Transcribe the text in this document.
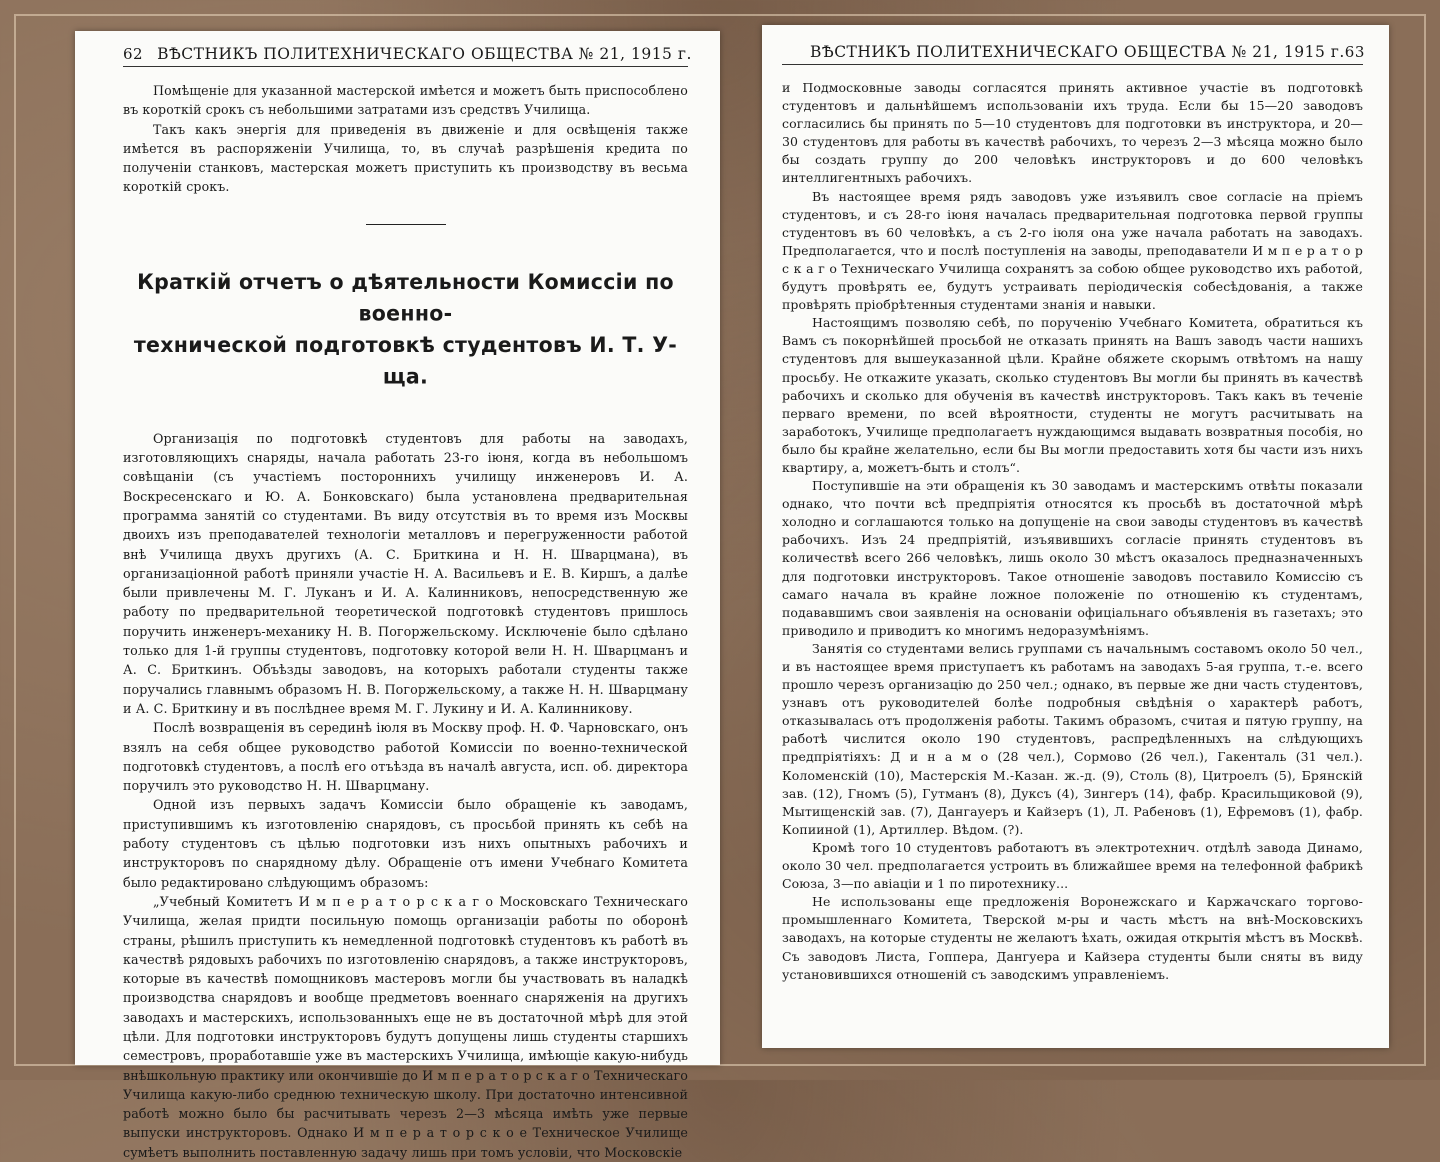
62 ВѢСТНИКЪ ПОЛИТЕХНИЧЕСКАГО ОБЩЕСТВА № 21, 1915 г.

Помѣщеніе для указанной мастерской имѣется и можетъ быть приспособлено въ короткій срокъ съ небольшими затратами изъ средствъ Училища.

Такъ какъ энергія для приведенія въ движеніе и для освѣщенія также имѣется въ распоряженіи Училища, то, въ случаѣ разрѣшенія кредита по полученіи станковъ, мастерская можетъ приступить къ производству въ весьма короткій срокъ.

Краткій отчетъ о дѣятельности Комиссіи по военно-
технической подготовкѣ студентовъ И. Т. У-ща.

Организація по подготовкѣ студентовъ для работы на заводахъ, изготовляющихъ снаряды, начала работать 23-го іюня, когда въ небольшомъ совѣщаніи (съ участіемъ постороннихъ училищу инженеровъ И. А. Воскресенскаго и Ю. А. Бонковскаго) была установлена предварительная программа занятій со студентами. Въ виду отсутствія въ то время изъ Москвы двоихъ изъ преподавателей технологіи металловъ и перегруженности работой внѣ Училища двухъ другихъ (А. С. Бриткина и Н. Н. Шварцмана), въ организаціонной работѣ приняли участіе Н. А. Васильевъ и Е. В. Киршъ, а далѣе были привлечены М. Г. Луканъ и И. А. Калинниковъ, непосредственную же работу по предварительной теоретической подготовкѣ студентовъ пришлось поручить инженеръ-механику Н. В. Погоржельскому. Исключеніе было сдѣлано только для 1-й группы студентовъ, подготовку которой вели Н. Н. Шварцманъ и А. С. Бриткинъ. Объѣзды заводовъ, на которыхъ работали студенты также поручались главнымъ образомъ Н. В. Погоржельскому, а также Н. Н. Шварцману и А. С. Бриткину и въ послѣднее время М. Г. Лукину и И. А. Калинникову.

Послѣ возвращенія въ серединѣ іюля въ Москву проф. Н. Ф. Чарновскаго, онъ взялъ на себя общее руководство работой Комиссіи по военно-технической подготовкѣ студентовъ, а послѣ его отъѣзда въ началѣ августа, исп. об. директора поручилъ это руководство Н. Н. Шварцману.

Одной изъ первыхъ задачъ Комиссіи было обращеніе къ заводамъ, приступившимъ къ изготовленію снарядовъ, съ просьбой принять къ себѣ на работу студентовъ съ цѣлью подготовки изъ нихъ опытныхъ рабочихъ и инструкторовъ по снарядному дѣлу. Обращеніе отъ имени Учебнаго Комитета было редактировано слѣдующимъ образомъ:

„Учебный Комитетъ И м п е р а т о р с к а г о Московскаго Техническаго Училища, желая придти посильную помощь организаціи работы по оборонѣ страны, рѣшилъ приступить къ немедленной подготовкѣ студентовъ къ работѣ въ качествѣ рядовыхъ рабочихъ по изготовленію снарядовъ, а также инструкторовъ, которые въ качествѣ помощниковъ мастеровъ могли бы участвовать въ наладкѣ производства снарядовъ и вообще предметовъ военнаго снаряженія на другихъ заводахъ и мастерскихъ, использованныхъ еще не въ достаточной мѣрѣ для этой цѣли. Для подготовки инструкторовъ будутъ допущены лишь студенты старшихъ семестровъ, проработавшіе уже въ мастерскихъ Училища, имѣющіе какую-нибудь внѣшкольную практику или окончившіе до И м п е р а т о р с к а г о Техническаго Училища какую-либо среднюю техническую школу. При достаточно интенсивной работѣ можно было бы расчитывать черезъ 2—3 мѣсяца имѣть уже первые выпуски инструкторовъ. Однако И м п е р а т о р с к о е Техническое Училище сумѣетъ выполнить поставленную задачу лишь при томъ условіи, что Московскіе

ВѢСТНИКЪ ПОЛИТЕХНИЧЕСКАГО ОБЩЕСТВА № 21, 1915 г. 63

и Подмосковные заводы согласятся принять активное участіе въ подготовкѣ студентовъ и дальнѣйшемъ использованіи ихъ труда. Если бы 15—20 заводовъ согласились бы принять по 5—10 студентовъ для подготовки въ инструктора, и 20—30 студентовъ для работы въ качествѣ рабочихъ, то черезъ 2—3 мѣсяца можно было бы создать группу до 200 человѣкъ инструкторовъ и до 600 человѣкъ интеллигентныхъ рабочихъ.

Въ настоящее время рядъ заводовъ уже изъявилъ свое согласіе на пріемъ студентовъ, и съ 28-го іюня началась предварительная подготовка первой группы студентовъ въ 60 человѣкъ, а съ 2-го іюля она уже начала работать на заводахъ. Предполагается, что и послѣ поступленія на заводы, преподаватели И м п е р а т о р с к а г о Техническаго Училища сохранятъ за собою общее руководство ихъ работой, будутъ провѣрять ее, будутъ устраивать періодическія собесѣдованія, а также провѣрять пріобрѣтенныя студентами знанія и навыки.

Настоящимъ позволяю себѣ, по порученію Учебнаго Комитета, обратиться къ Вамъ съ покорнѣйшей просьбой не отказать принять на Вашъ заводъ части нашихъ студентовъ для вышеуказанной цѣли. Крайне обяжете скорымъ отвѣтомъ на нашу просьбу. Не откажите указать, сколько студентовъ Вы могли бы принять въ качествѣ рабочихъ и сколько для обученія въ качествѣ инструкторовъ. Такъ какъ въ теченіе перваго времени, по всей вѣроятности, студенты не могутъ расчитывать на заработокъ, Училище предполагаетъ нуждающимся выдавать возвратныя пособія, но было бы крайне желательно, если бы Вы могли предоставить хотя бы части изъ нихъ квартиру, а, можетъ-быть и столъ“.

Поступившіе на эти обращенія къ 30 заводамъ и мастерскимъ отвѣты показали однако, что почти всѣ предпріятія относятся къ просьбѣ въ достаточной мѣрѣ холодно и соглашаются только на допущеніе на свои заводы студентовъ въ качествѣ рабочихъ. Изъ 24 предпріятій, изъявившихъ согласіе принять студентовъ въ количествѣ всего 266 человѣкъ, лишь около 30 мѣстъ оказалось предназначенныхъ для подготовки инструкторовъ. Такое отношеніе заводовъ поставило Комиссію съ самаго начала въ крайне ложное положеніе по отношенію къ студентамъ, подававшимъ свои заявленія на основаніи офиціальнаго объявленія въ газетахъ; это приводило и приводитъ ко многимъ недоразумѣніямъ.

Занятія со студентами велись группами съ начальнымъ составомъ около 50 чел., и въ настоящее время приступаетъ къ работамъ на заводахъ 5-ая группа, т.-е. всего прошло черезъ организацію до 250 чел.; однако, въ первые же дни часть студентовъ, узнавъ отъ руководителей болѣе подробныя свѣдѣнія о характерѣ работъ, отказывалась отъ продолженія работы. Такимъ образомъ, считая и пятую группу, на работѣ числится около 190 студентовъ, распредѣленныхъ на слѣдующихъ предпріятіяхъ: Д и н а м о (28 чел.), Сормово (26 чел.), Гакенталь (31 чел.). Коломенскій (10), Мастерскія М.-Казан. ж.-д. (9), Столь (8), Цитроелъ (5), Брянскій зав. (12), Гномъ (5), Гутманъ (8), Дуксъ (4), Зингеръ (14), фабр. Красильщиковой (9), Мытищенскій зав. (7), Дангауеръ и Кайзеръ (1), Л. Рабеновъ (1), Ефремовъ (1), фабр. Копииной (1), Артиллер. Вѣдом. (?).

Кромѣ того 10 студентовъ работаютъ въ электротехнич. отдѣлѣ завода Динамо, около 30 чел. предполагается устроить въ ближайшее время на телефонной фабрикѣ Союза, 3—по авіаціи и 1 по пиротехнику...

Не использованы еще предложенія Воронежскаго и Каржачскаго торгово-промышленнаго Комитета, Тверской м-ры и часть мѣстъ на внѣ-Московскихъ заводахъ, на которые студенты не желаютъ ѣхать, ожидая открытія мѣстъ въ Москвѣ. Съ заводовъ Листа, Гоппера, Дангуера и Кайзера студенты были сняты въ виду установившихся отношеній съ заводскимъ управленіемъ.
